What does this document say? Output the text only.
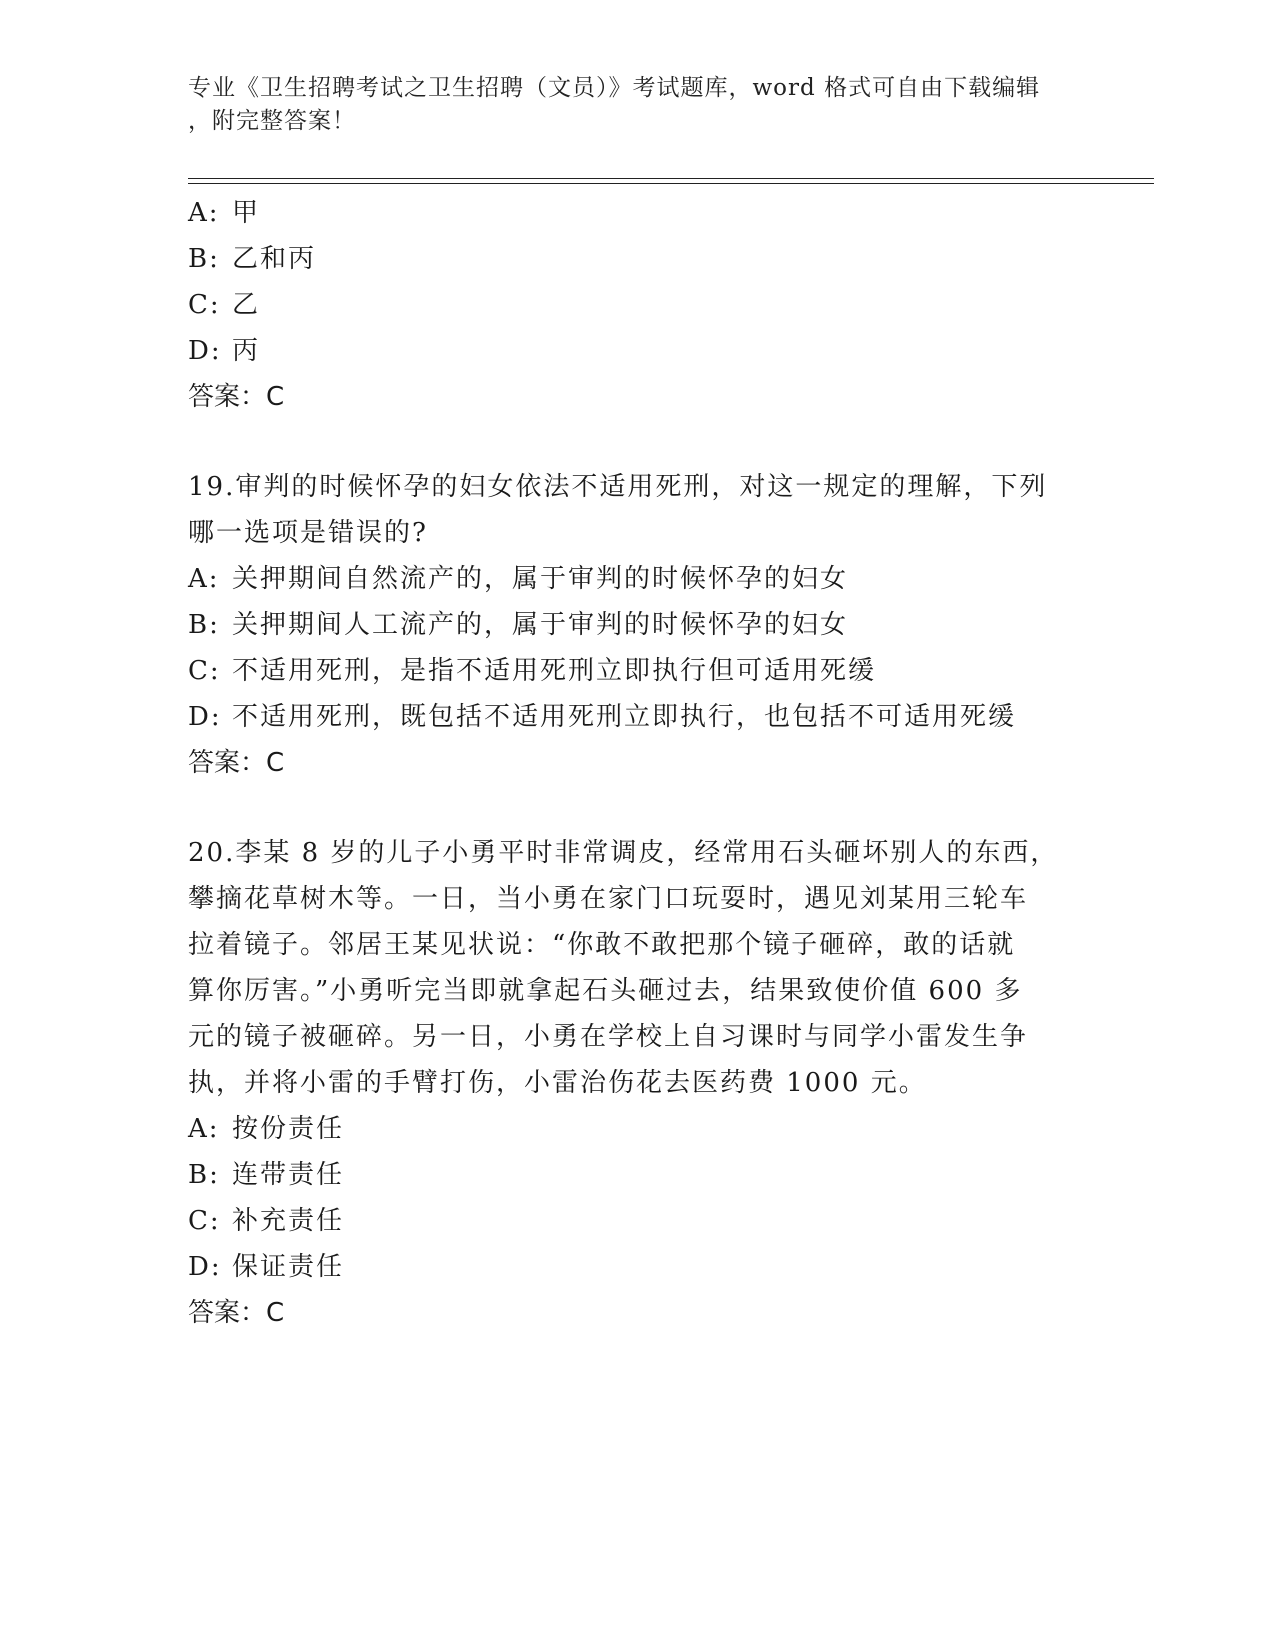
专业《卫生招聘考试之卫生招聘（文员）》考试题库，word 格式可自由下载编辑
，附完整答案！
A: 甲
B: 乙和丙
C: 乙
D: 丙
答案：C
19.审判的时候怀孕的妇女依法不适用死刑，对这一规定的理解，下列
哪一选项是错误的?
A: 关押期间自然流产的，属于审判的时候怀孕的妇女
B: 关押期间人工流产的，属于审判的时候怀孕的妇女
C: 不适用死刑，是指不适用死刑立即执行但可适用死缓
D: 不适用死刑，既包括不适用死刑立即执行，也包括不可适用死缓
答案：C
20.李某 8 岁的儿子小勇平时非常调皮，经常用石头砸坏别人的东西，
攀摘花草树木等。一日，当小勇在家门口玩耍时，遇见刘某用三轮车
拉着镜子。邻居王某见状说：“你敢不敢把那个镜子砸碎，敢的话就
算你厉害。”小勇听完当即就拿起石头砸过去，结果致使价值 600 多
元的镜子被砸碎。另一日，小勇在学校上自习课时与同学小雷发生争
执，并将小雷的手臂打伤，小雷治伤花去医药费 1000 元。
A: 按份责任
B: 连带责任
C: 补充责任
D: 保证责任
答案：C
